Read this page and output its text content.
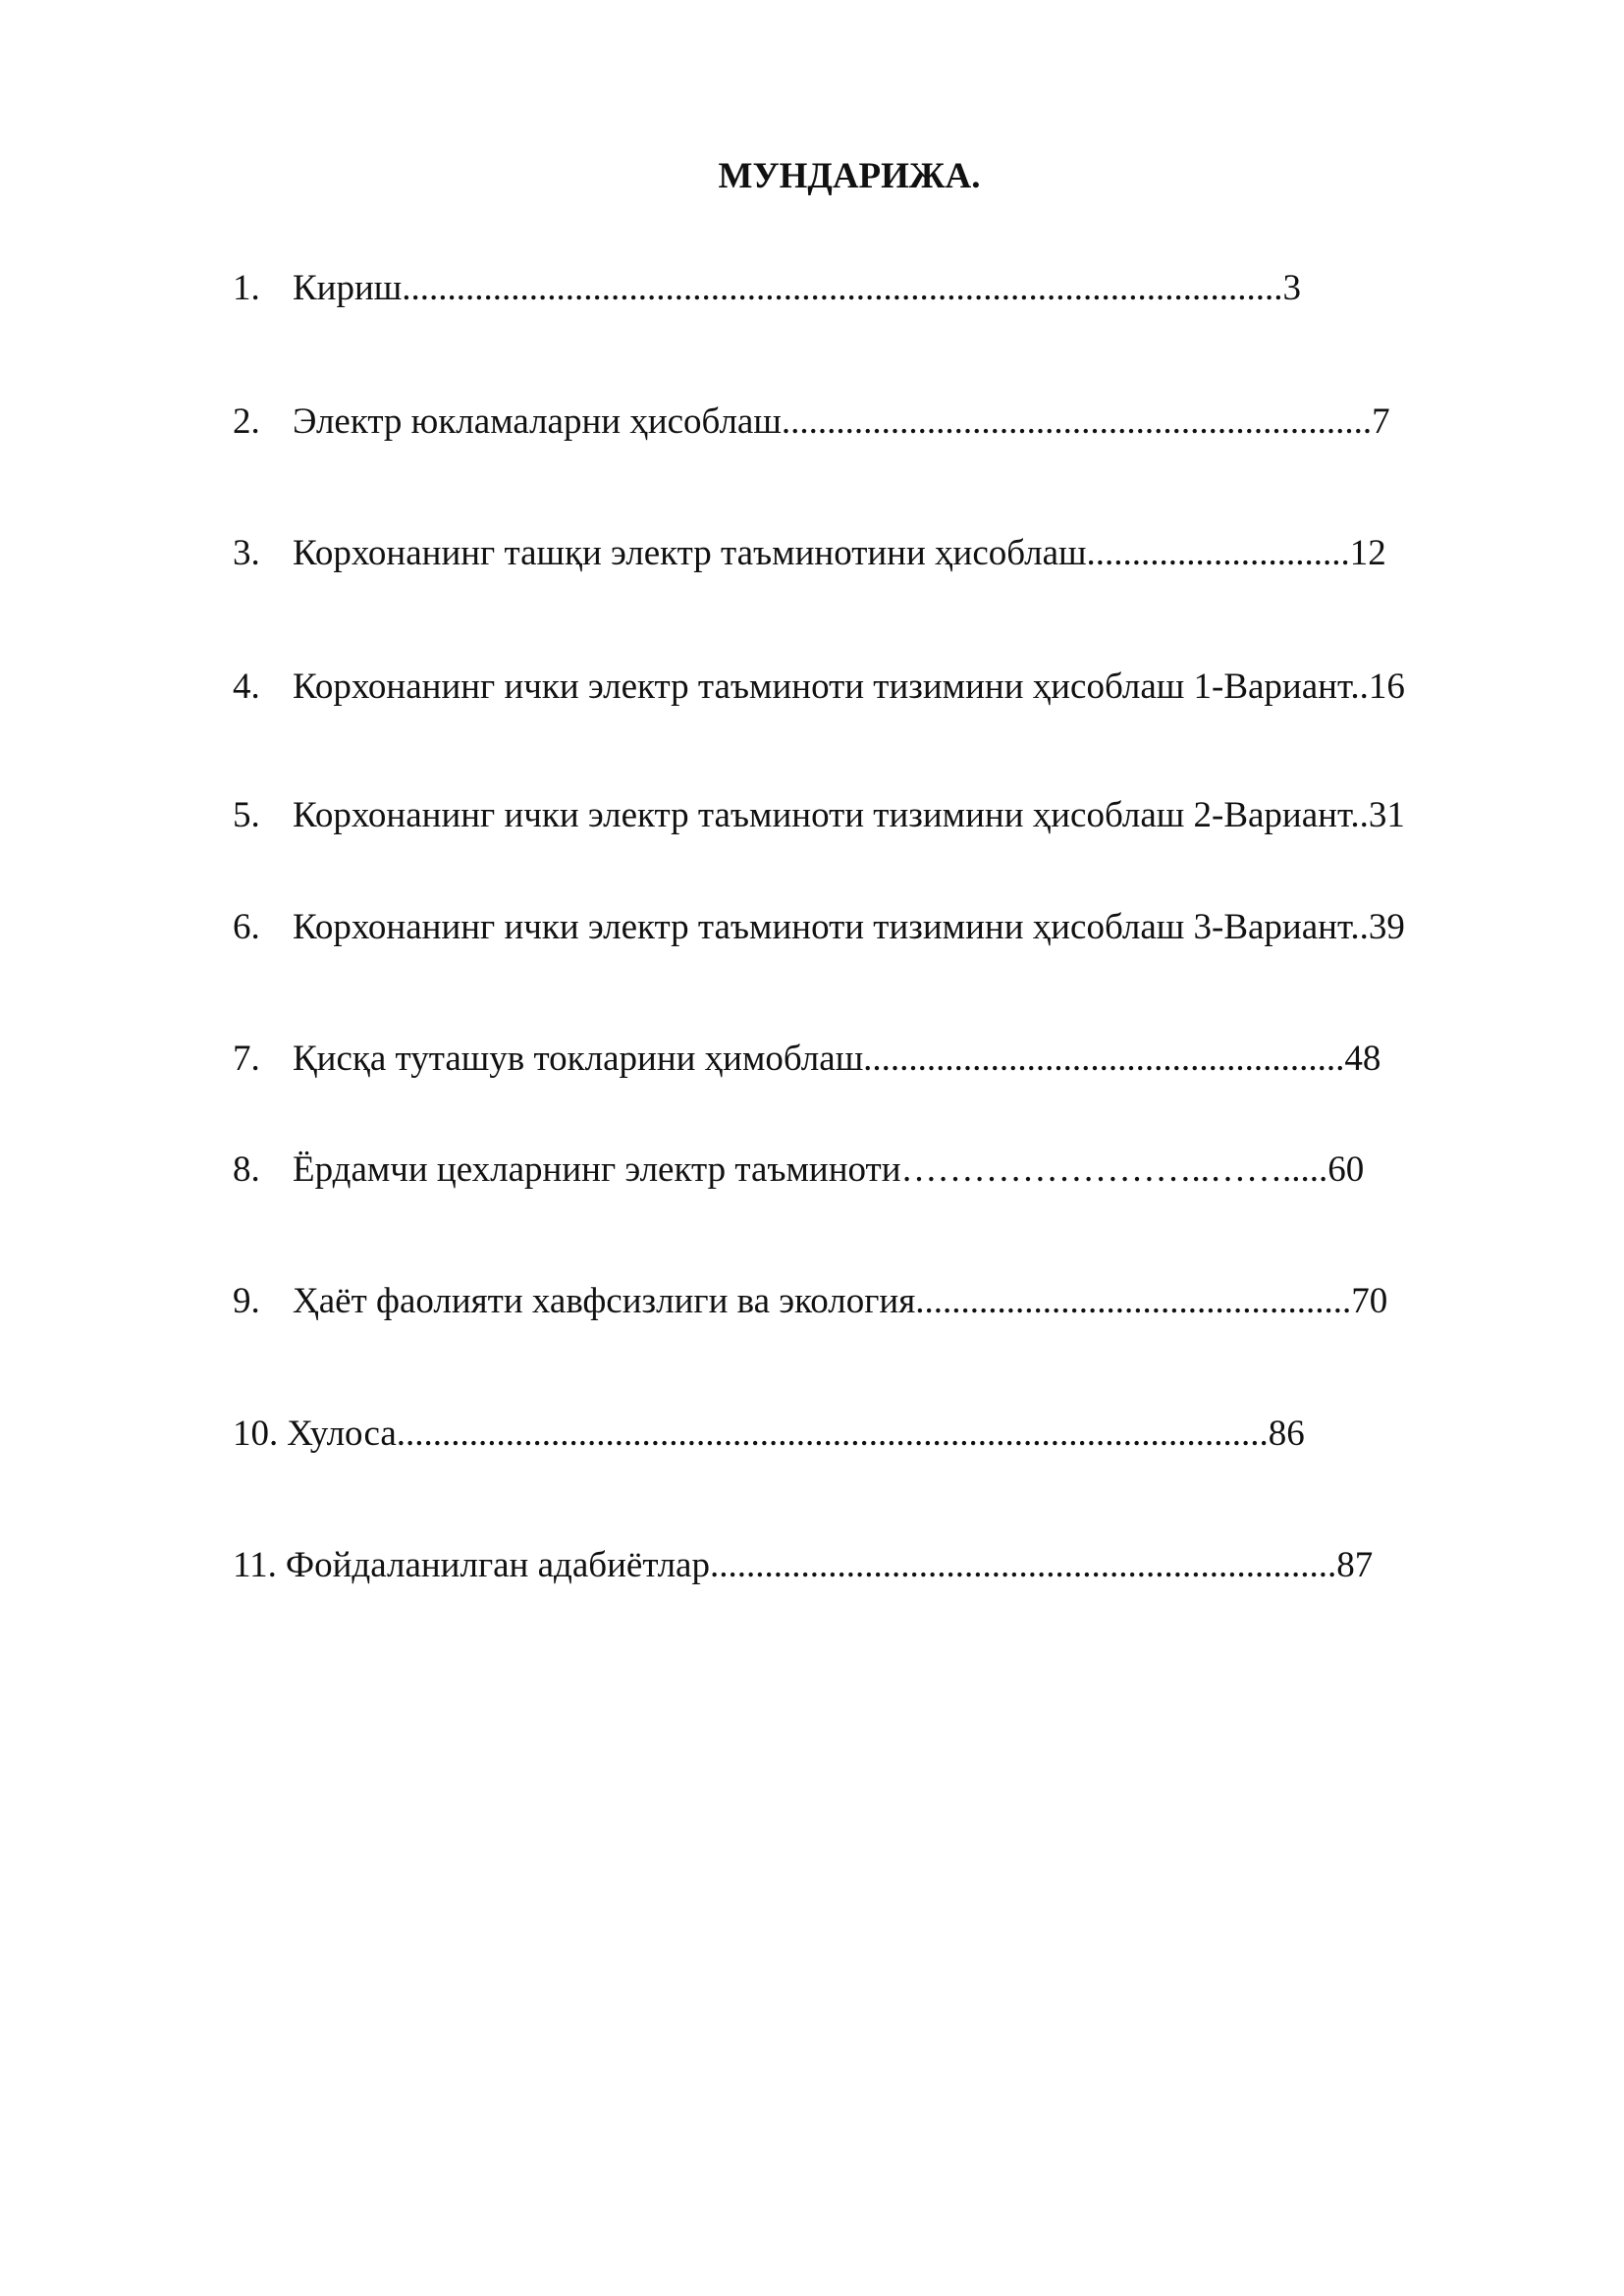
МУНДАРИЖА.
1. Кириш.................................................................................................3
2. Электр юкламаларни ҳисоблаш.................................................................7
3. Корхонанинг ташқи электр таъминотини ҳисоблаш.............................12
4. Корхонанинг ички электр таъминоти тизимини ҳисоблаш 1-Вариант..16
5. Корхонанинг ички электр таъминоти тизимини ҳисоблаш 2-Вариант..31
6. Корхонанинг ички электр таъминоти тизимини ҳисоблаш 3-Вариант..39
7. Қисқа туташув токларини ҳимоблаш.....................................................48
8. Ёрдамчи цехларнинг электр таъминоти……………………..…….....60
9. Ҳаёт фаолияти хавфсизлиги ва экология................................................70
10. Хулоса................................................................................................86
11. Фойдаланилган адабиётлар.....................................................................87
